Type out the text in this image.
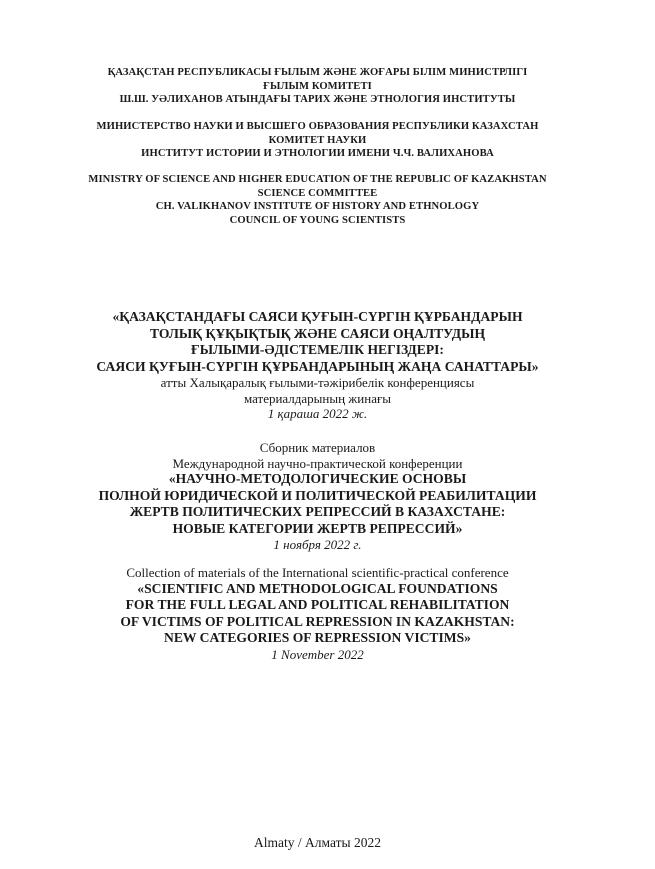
ҚАЗАҚСТАН РЕСПУБЛИКАСЫ ҒЫЛЫМ ЖӘНЕ ЖОҒАРЫ БІЛІМ МИНИСТРЛІГІ
ҒЫЛЫМ КОМИТЕТІ
Ш.Ш. УӘЛИХАНОВ АТЫНДАҒЫ ТАРИХ ЖӘНЕ ЭТНОЛОГИЯ ИНСТИТУТЫ
МИНИСТЕРСТВО НАУКИ И ВЫСШЕГО ОБРАЗОВАНИЯ РЕСПУБЛИКИ КАЗАХСТАН
КОМИТЕТ НАУКИ
ИНСТИТУТ ИСТОРИИ И ЭТНОЛОГИИ ИМЕНИ Ч.Ч. ВАЛИХАНОВА
MINISTRY OF SCIENCE AND HIGHER EDUCATION OF THE REPUBLIC OF KAZAKHSTAN
SCIENCE COMMITTEE
CH. VALIKHANOV INSTITUTE OF HISTORY AND ETHNOLOGY
COUNCIL OF YOUNG SCIENTISTS
«ҚАЗАҚСТАНДАҒЫ САЯСИ ҚУҒЫН-СҮРГІН ҚҰРБАНДАРЫН
ТОЛЫҚ ҚҰҚЫҚТЫҚ ЖӘНЕ САЯСИ ОҢАЛТУДЫҢ
ҒЫЛЫМИ-ӘДІСТЕМЕЛІК НЕГІЗДЕРІ:
САЯСИ ҚУҒЫН-СҮРГІН ҚҰРБАНДАРЫНЫҢ ЖАҢА САНАТТАРЫ»
атты Халықаралық ғылыми-тәжірибелік конференциясы
материалдарының жинағы
1 қараша 2022 ж.
Сборник материалов
Международной научно-практической конференции
«НАУЧНО-МЕТОДОЛОГИЧЕСКИЕ ОСНОВЫ
ПОЛНОЙ ЮРИДИЧЕСКОЙ И ПОЛИТИЧЕСКОЙ РЕАБИЛИТАЦИИ
ЖЕРТВ ПОЛИТИЧЕСКИХ РЕПРЕССИЙ В КАЗАХСТАНЕ:
НОВЫЕ КАТЕГОРИИ ЖЕРТВ РЕПРЕССИЙ»
1 ноября 2022 г.
Collection of materials of the International scientific-practical conference
«SCIENTIFIC AND METHODOLOGICAL FOUNDATIONS
FOR THE FULL LEGAL AND POLITICAL REHABILITATION
OF VICTIMS OF POLITICAL REPRESSION IN KAZAKHSTAN:
NEW CATEGORIES OF REPRESSION VICTIMS»
1 November 2022
Almaty / Алматы 2022
